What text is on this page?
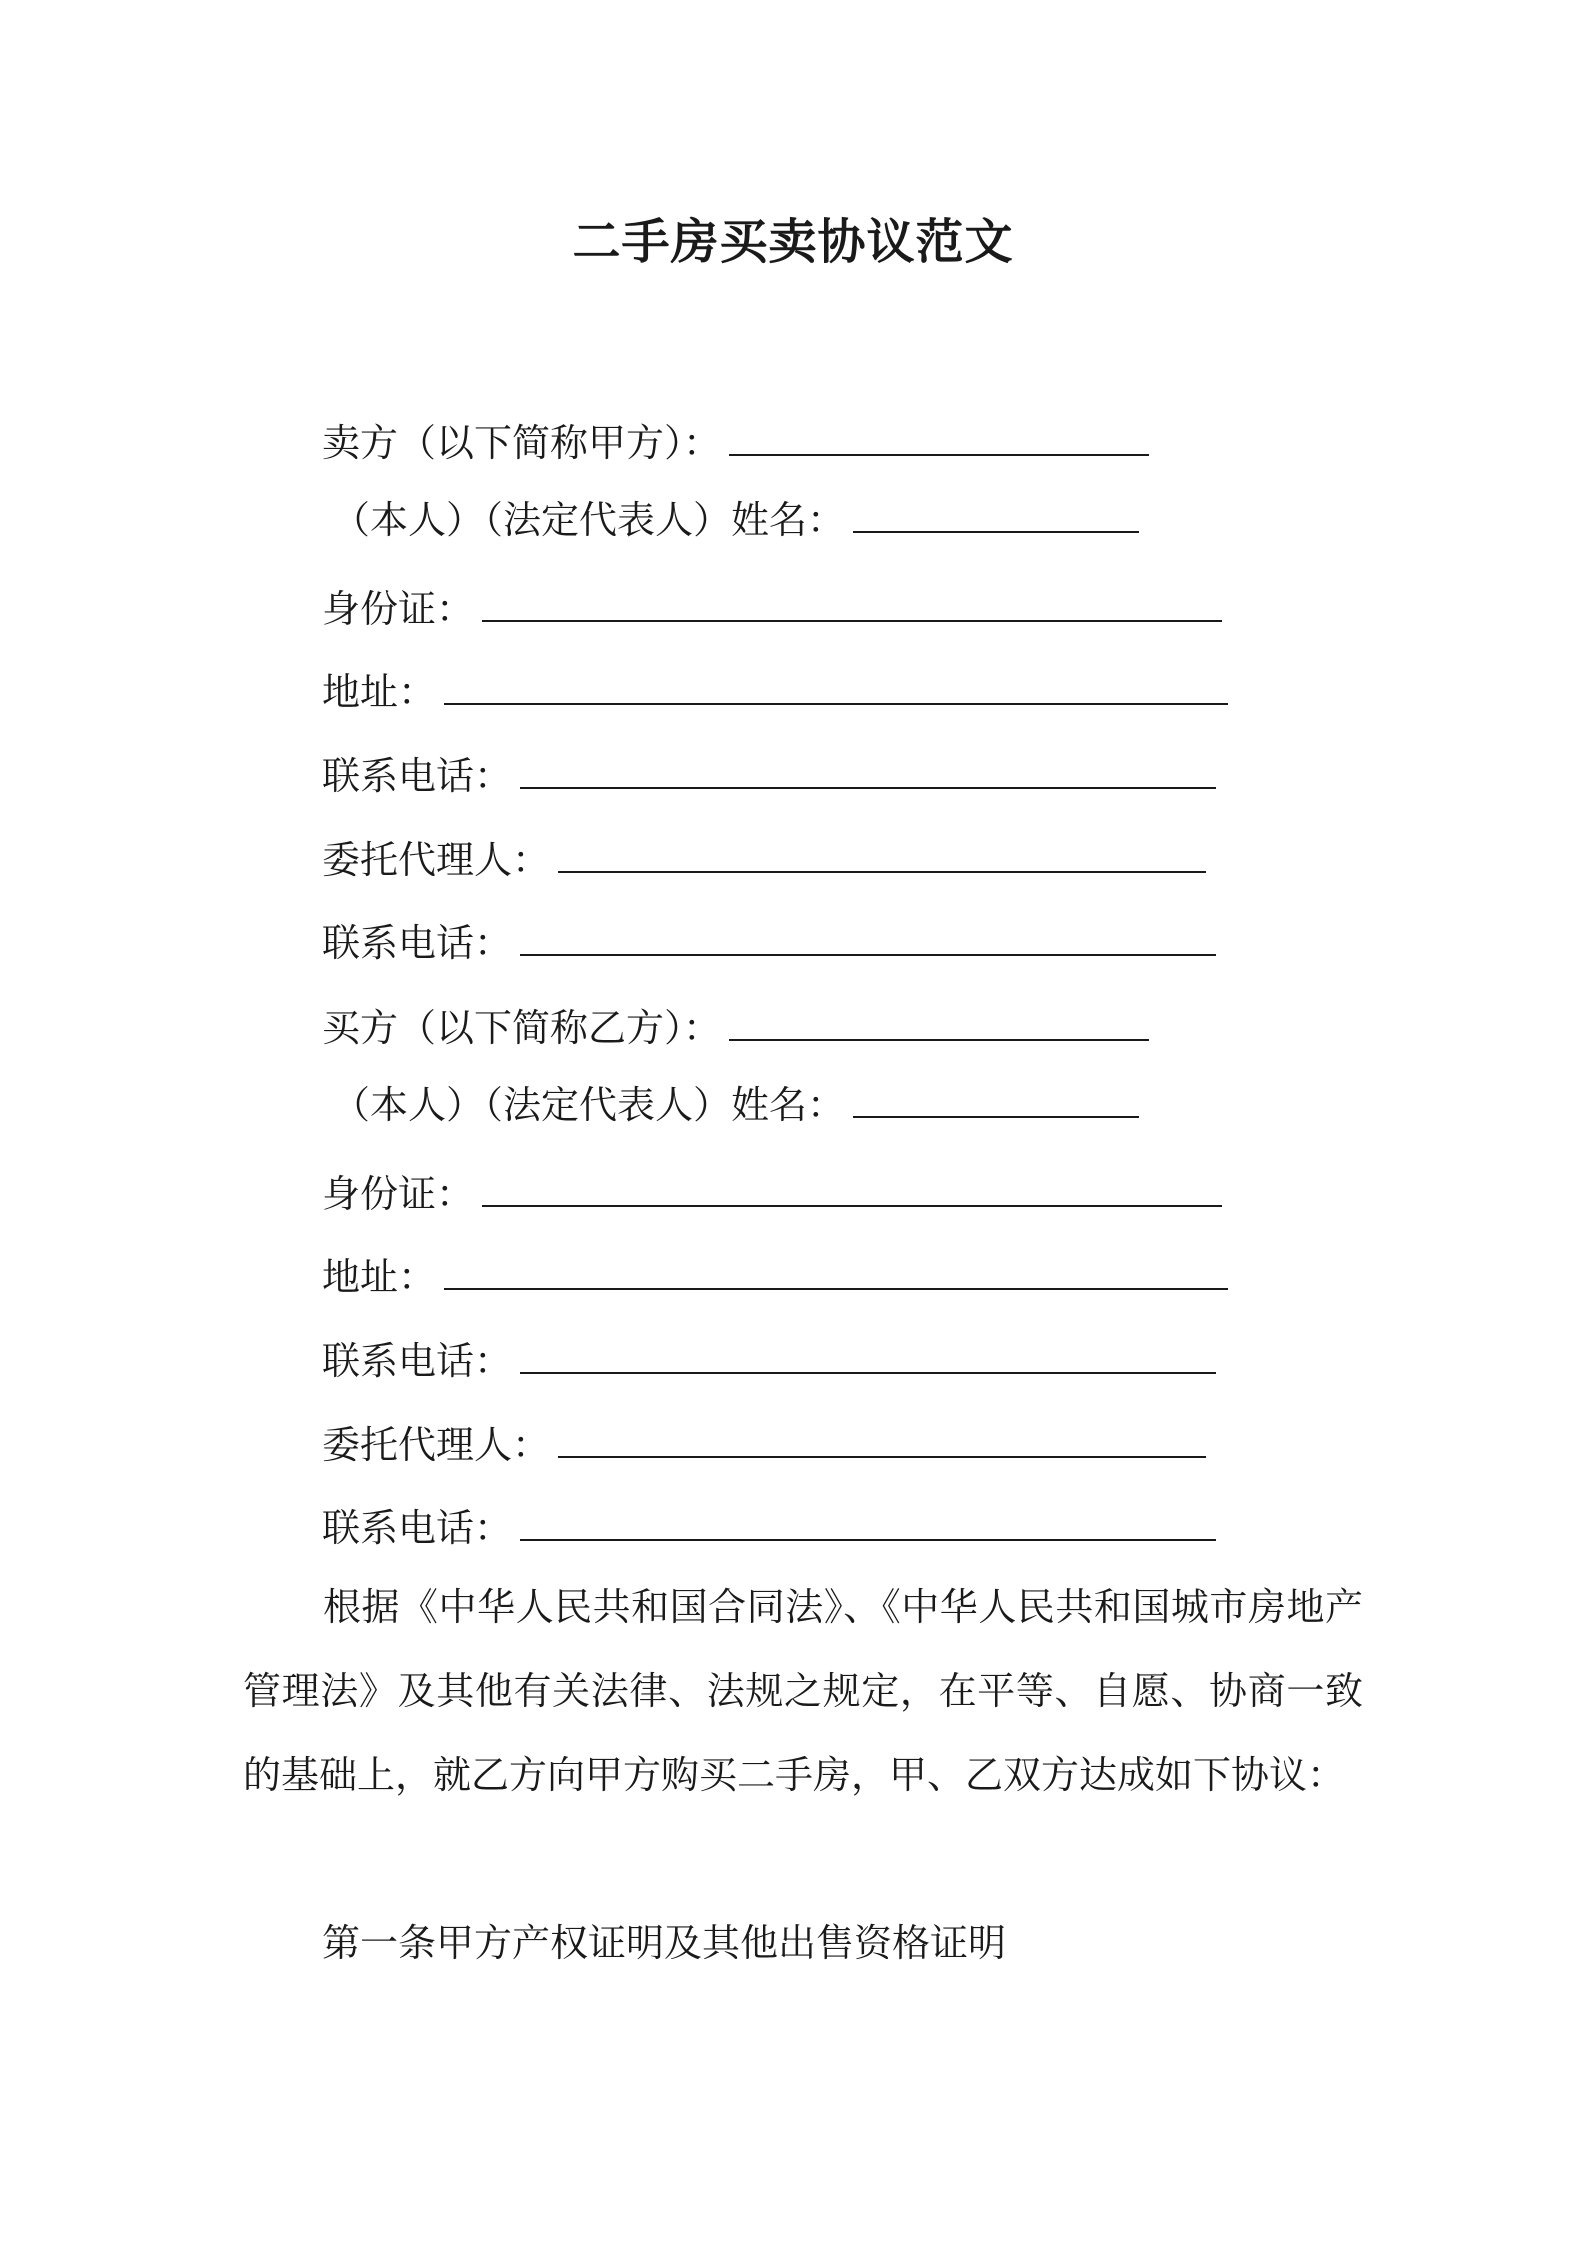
二手房买卖协议范文
卖方（以下简称甲方）：
（本人）（法定代表人）姓名：
身份证：
地址：
联系电话：
委托代理人：
联系电话：
买方（以下简称乙方）：
（本人）（法定代表人）姓名：
身份证：
地址：
联系电话：
委托代理人：
联系电话：
根据《中华人民共和国合同法》、《中华人民共和国城市房地产管理法》及其他有关法律、法规之规定，在平等、自愿、协商一致的基础上，就乙方向甲方购买二手房，甲、乙双方达成如下协议：
第一条甲方产权证明及其他出售资格证明
